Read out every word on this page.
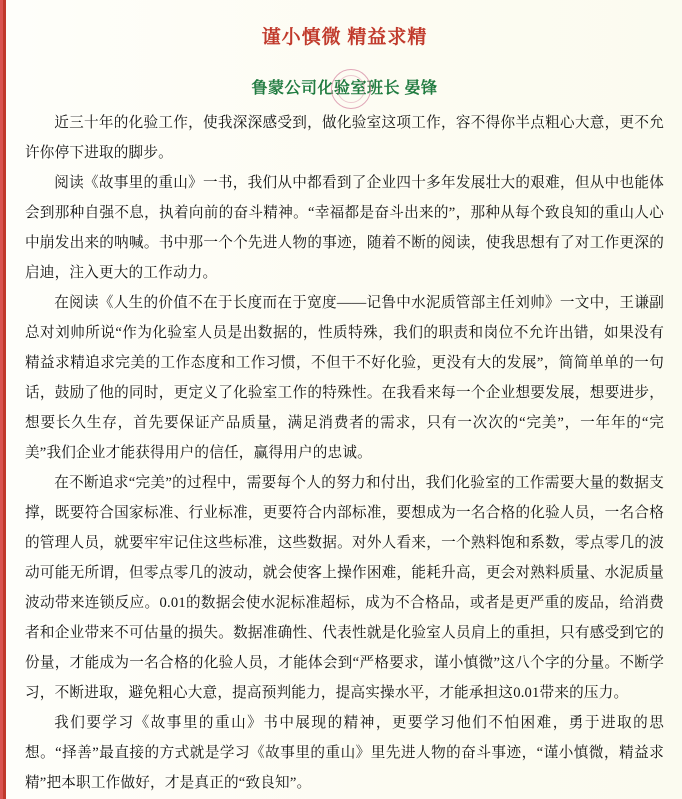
谨小慎微 精益求精
鲁蒙公司化验室班长 晏锋

近三十年的化验工作，使我深深感受到，做化验室这项工作，容不得你半点粗心大意，更不允许你停下进取的脚步。

阅读《故事里的重山》一书，我们从中都看到了企业四十多年发展壮大的艰难，但从中也能体会到那种自强不息，执着向前的奋斗精神。“幸福都是奋斗出来的”，那种从每个致良知的重山人心中崩发出来的呐喊。书中那一个个先进人物的事迹，随着不断的阅读，使我思想有了对工作更深的启迪，注入更大的工作动力。

在阅读《人生的价值不在于长度而在于宽度——记鲁中水泥质管部主任刘帅》一文中，王谦副总对刘帅所说“作为化验室人员是出数据的，性质特殊，我们的职责和岗位不允许出错，如果没有精益求精追求完美的工作态度和工作习惯，不但干不好化验，更没有大的发展”，简简单单的一句话，鼓励了他的同时，更定义了化验室工作的特殊性。在我看来每一个企业想要发展，想要进步，想要长久生存，首先要保证产品质量，满足消费者的需求，只有一次次的“完美”，一年年的“完美”我们企业才能获得用户的信任，赢得用户的忠诚。

在不断追求“完美”的过程中，需要每个人的努力和付出，我们化验室的工作需要大量的数据支撑，既要符合国家标准、行业标准，更要符合内部标准，要想成为一名合格的化验人员，一名合格的管理人员，就要牢牢记住这些标准，这些数据。对外人看来，一个熟料饱和系数，零点零几的波动可能无所谓，但零点零几的波动，就会使客上操作困难，能耗升高，更会对熟料质量、水泥质量波动带来连锁反应。0.01的数据会使水泥标准超标，成为不合格品，或者是更严重的废品，给消费者和企业带来不可估量的损失。数据准确性、代表性就是化验室人员肩上的重担，只有感受到它的份量，才能成为一名合格的化验人员，才能体会到“严格要求，谨小慎微”这八个字的分量。不断学习，不断进取，避免粗心大意，提高预判能力，提高实操水平，才能承担这0.01带来的压力。

我们要学习《故事里的重山》书中展现的精神，更要学习他们不怕困难，勇于进取的思想。“择善”最直接的方式就是学习《故事里的重山》里先进人物的奋斗事迹，“谨小慎微，精益求精”把本职工作做好，才是真正的“致良知”。
